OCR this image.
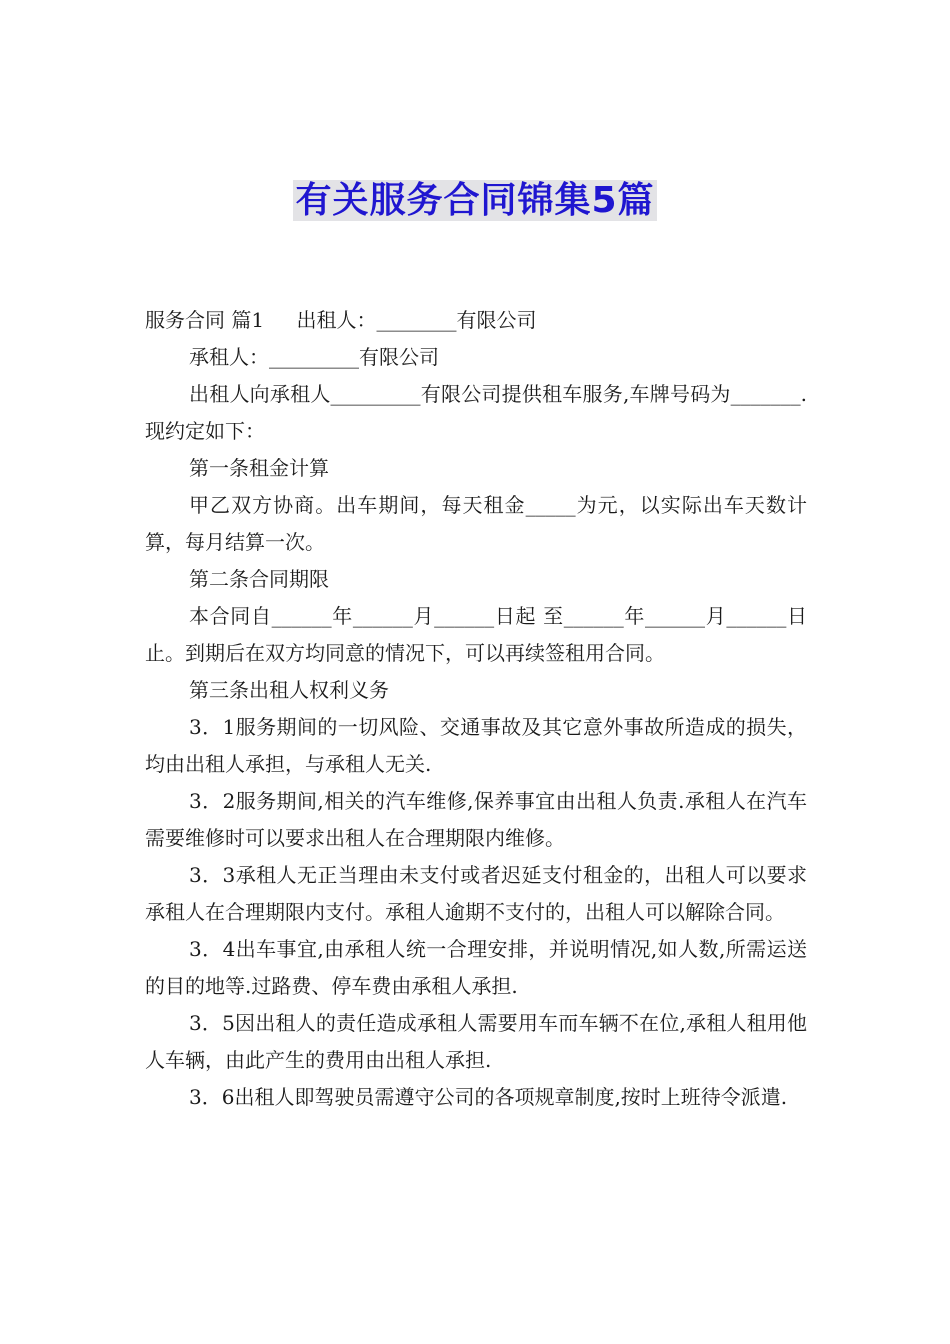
有关服务合同锦集5篇

服务合同 篇1 出租人：________有限公司

承租人：_________有限公司

出租人向承租人_________有限公司提供租车服务,车牌号码为_______.现约定如下：

第一条租金计算

甲乙双方协商。出车期间，每天租金_____为元，以实际出车天数计算，每月结算一次。

第二条合同期限

本合同自______年______月______日起 至______年______月______日止。到期后在双方均同意的情况下，可以再续签租用合同。

第三条出租人权利义务

3．1服务期间的一切风险、交通事故及其它意外事故所造成的损失，均由出租人承担，与承租人无关.

3．2服务期间,相关的汽车维修,保养事宜由出租人负责.承租人在汽车需要维修时可以要求出租人在合理期限内维修。

3．3承租人无正当理由未支付或者迟延支付租金的，出租人可以要求承租人在合理期限内支付。承租人逾期不支付的，出租人可以解除合同。

3．4出车事宜,由承租人统一合理安排，并说明情况,如人数,所需运送的目的地等.过路费、停车费由承租人承担.

3．5因出租人的责任造成承租人需要用车而车辆不在位,承租人租用他人车辆，由此产生的费用由出租人承担.

3．6出租人即驾驶员需遵守公司的各项规章制度,按时上班待令派遣.
